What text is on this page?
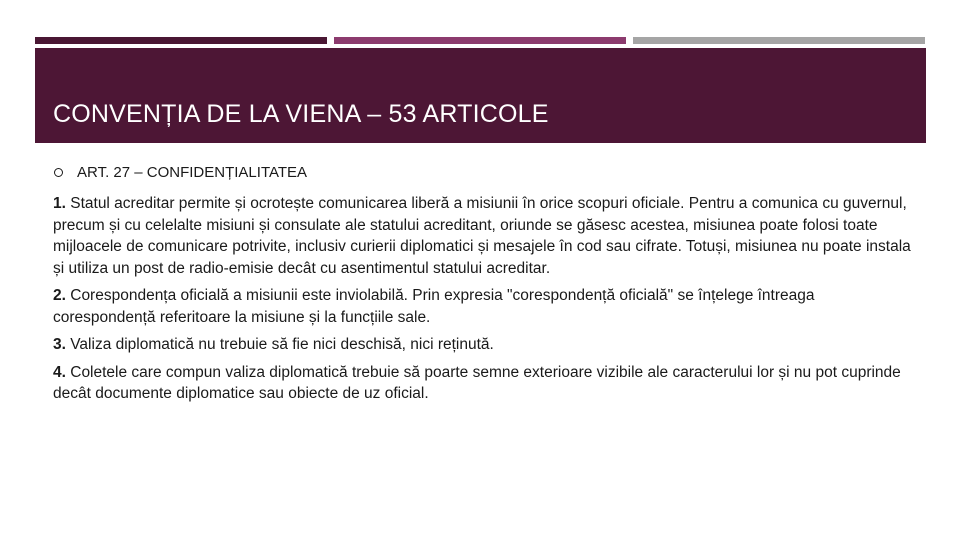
CONVENȚIA DE LA VIENA – 53 ARTICOLE

ART. 27 – CONFIDENȚIALITATEA

1. Statul acreditar permite și ocrotește comunicarea liberă a misiunii în orice scopuri oficiale. Pentru a comunica cu guvernul, precum și cu celelalte misiuni și consulate ale statului acreditant, oriunde se găsesc acestea, misiunea poate folosi toate mijloacele de comunicare potrivite, inclusiv curierii diplomatici și mesajele în cod sau cifrate. Totuși, misiunea nu poate instala și utiliza un post de radio-emisie decât cu asentimentul statului acreditar.

2. Corespondența oficială a misiunii este inviolabilă. Prin expresia "corespondență oficială" se înțelege întreaga corespondență referitoare la misiune și la funcțiile sale.

3. Valiza diplomatică nu trebuie să fie nici deschisă, nici reținută.

4. Coletele care compun valiza diplomatică trebuie să poarte semne exterioare vizibile ale caracterului lor și nu pot cuprinde decât documente diplomatice sau obiecte de uz oficial.
